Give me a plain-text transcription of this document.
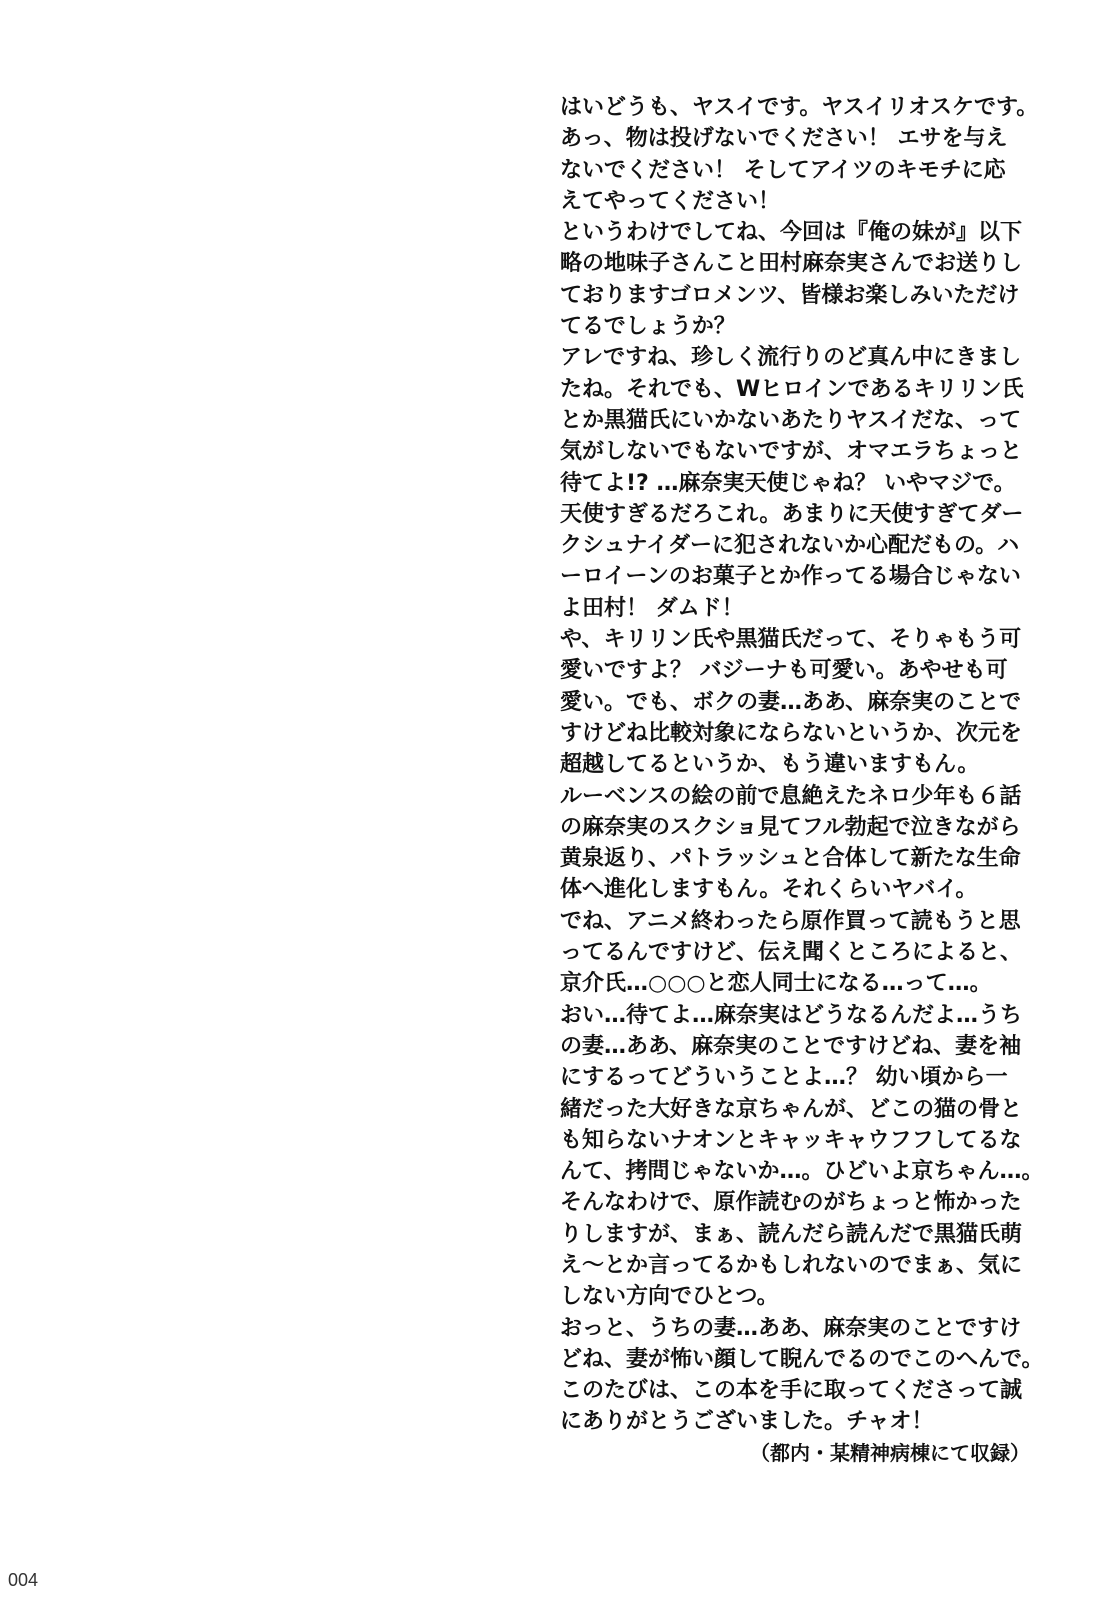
はいどうも、ヤスイです。ヤスイリオスケです。
あっ、物は投げないでください！ エサを与え
ないでください！ そしてアイツのキモチに応
えてやってください！
というわけでしてね、今回は『俺の妹が』以下
略の地味子さんこと田村麻奈実さんでお送りし
ておりますゴロメンツ、皆様お楽しみいただけ
てるでしょうか？
アレですね、珍しく流行りのど真ん中にきまし
たね。それでも、Wヒロインであるキリリン氏
とか黒猫氏にいかないあたりヤスイだな、って
気がしないでもないですが、オマエラちょっと
待てよ!? …麻奈実天使じゃね？ いやマジで。
天使すぎるだろこれ。あまりに天使すぎてダー
クシュナイダーに犯されないか心配だもの。ハ
ーロイーンのお菓子とか作ってる場合じゃない
よ田村！ ダムド！
や、キリリン氏や黒猫氏だって、そりゃもう可
愛いですよ？ バジーナも可愛い。あやせも可
愛い。でも、ボクの妻…ああ、麻奈実のことで
すけどね比較対象にならないというか、次元を
超越してるというか、もう違いますもん。
ルーベンスの絵の前で息絶えたネロ少年も６話
の麻奈実のスクショ見てフル勃起で泣きながら
黄泉返り、パトラッシュと合体して新たな生命
体へ進化しますもん。それくらいヤバイ。
でね、アニメ終わったら原作買って読もうと思
ってるんですけど、伝え聞くところによると、
京介氏…○○○と恋人同士になる…って…。
おい…待てよ…麻奈実はどうなるんだよ…うち
の妻…ああ、麻奈実のことですけどね、妻を袖
にするってどういうことよ…？ 幼い頃から一
緒だった大好きな京ちゃんが、どこの猫の骨と
も知らないナオンとキャッキャウフフしてるな
んて、拷問じゃないか…。ひどいよ京ちゃん…。
そんなわけで、原作読むのがちょっと怖かった
りしますが、まぁ、読んだら読んだで黒猫氏萌
え〜とか言ってるかもしれないのでまぁ、気に
しない方向でひとつ。
おっと、うちの妻…ああ、麻奈実のことですけ
どね、妻が怖い顔して睨んでるのでこのへんで。
このたびは、この本を手に取ってくださって誠
にありがとうございました。チャオ！
（都内・某精神病棟にて収録）
004
